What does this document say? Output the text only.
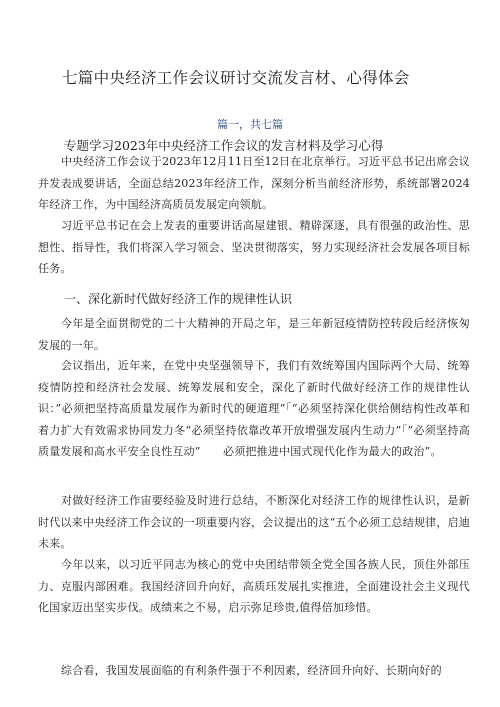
七篇中央经济工作会议研讨交流发言材、心得体会
篇一，共七篇
专题学习2023年中央经济工作会议的发言材料及学习心得

中央经济工作会议于2023年12月11日至12日在北京举行。习近平总书记出席会议并发表成要讲话，全面总结2023年经济工作，深刻分析当前经济形势，系统部署2024年经济工作，为中国经济高质员发展定向领航。

习近平总书记在会上发表的重要讲话高屋建银、精辟深逐，具有很强的政治性、思想性、指导性，我们将深入学习领会、坚决贯彻落实，努力实现经济社会发展各项目标任务。

一、深化新时代做好经济工作的规律性认识

今年是全面贯彻党的二十大精神的开局之年，是三年新冠疫情防控转段后经济恢匆发展的一年。

会议指出，近年来，在党中央坚强领导下，我们有效统筹国内国际两个大局、统筹疫情防控和经济社会发展、统筹发展和安全，深化了新时代做好经济工作的规律性认识：”必须把坚持高质量发展作为新时代的硬道理”「“必须坚持深化供给侧结构性改革和着力扩大有效需求协同发力冬“必须坚持依靠改革开放增强发展内生动力”「”必须坚持高质量发展和高水平安全良性互动”　　必须把推进中国式现代化作为最大的政治”。

对做好经济工作宙要经验及时进行总结，不断深化对经济工作的规律性认识，是新时代以来中央经济工作会议的一项重要内容，会议提出的这“五个必须工总结规律，启迪未来。

今年以来，以习近平同志为核心的党中央团结带领全党全国各族人民，顶住外部压力、克服内部困难。我国经济回升向好，高质珏发展扎实推进，全面建设社会主义现代化国家迈出坚实步伐。成绩来之不易，启示弥足珍贵,值得倍加珍惜。

综合看，我国发展面临的有利条件强于不利因素，经济回升向好、长期向好的
